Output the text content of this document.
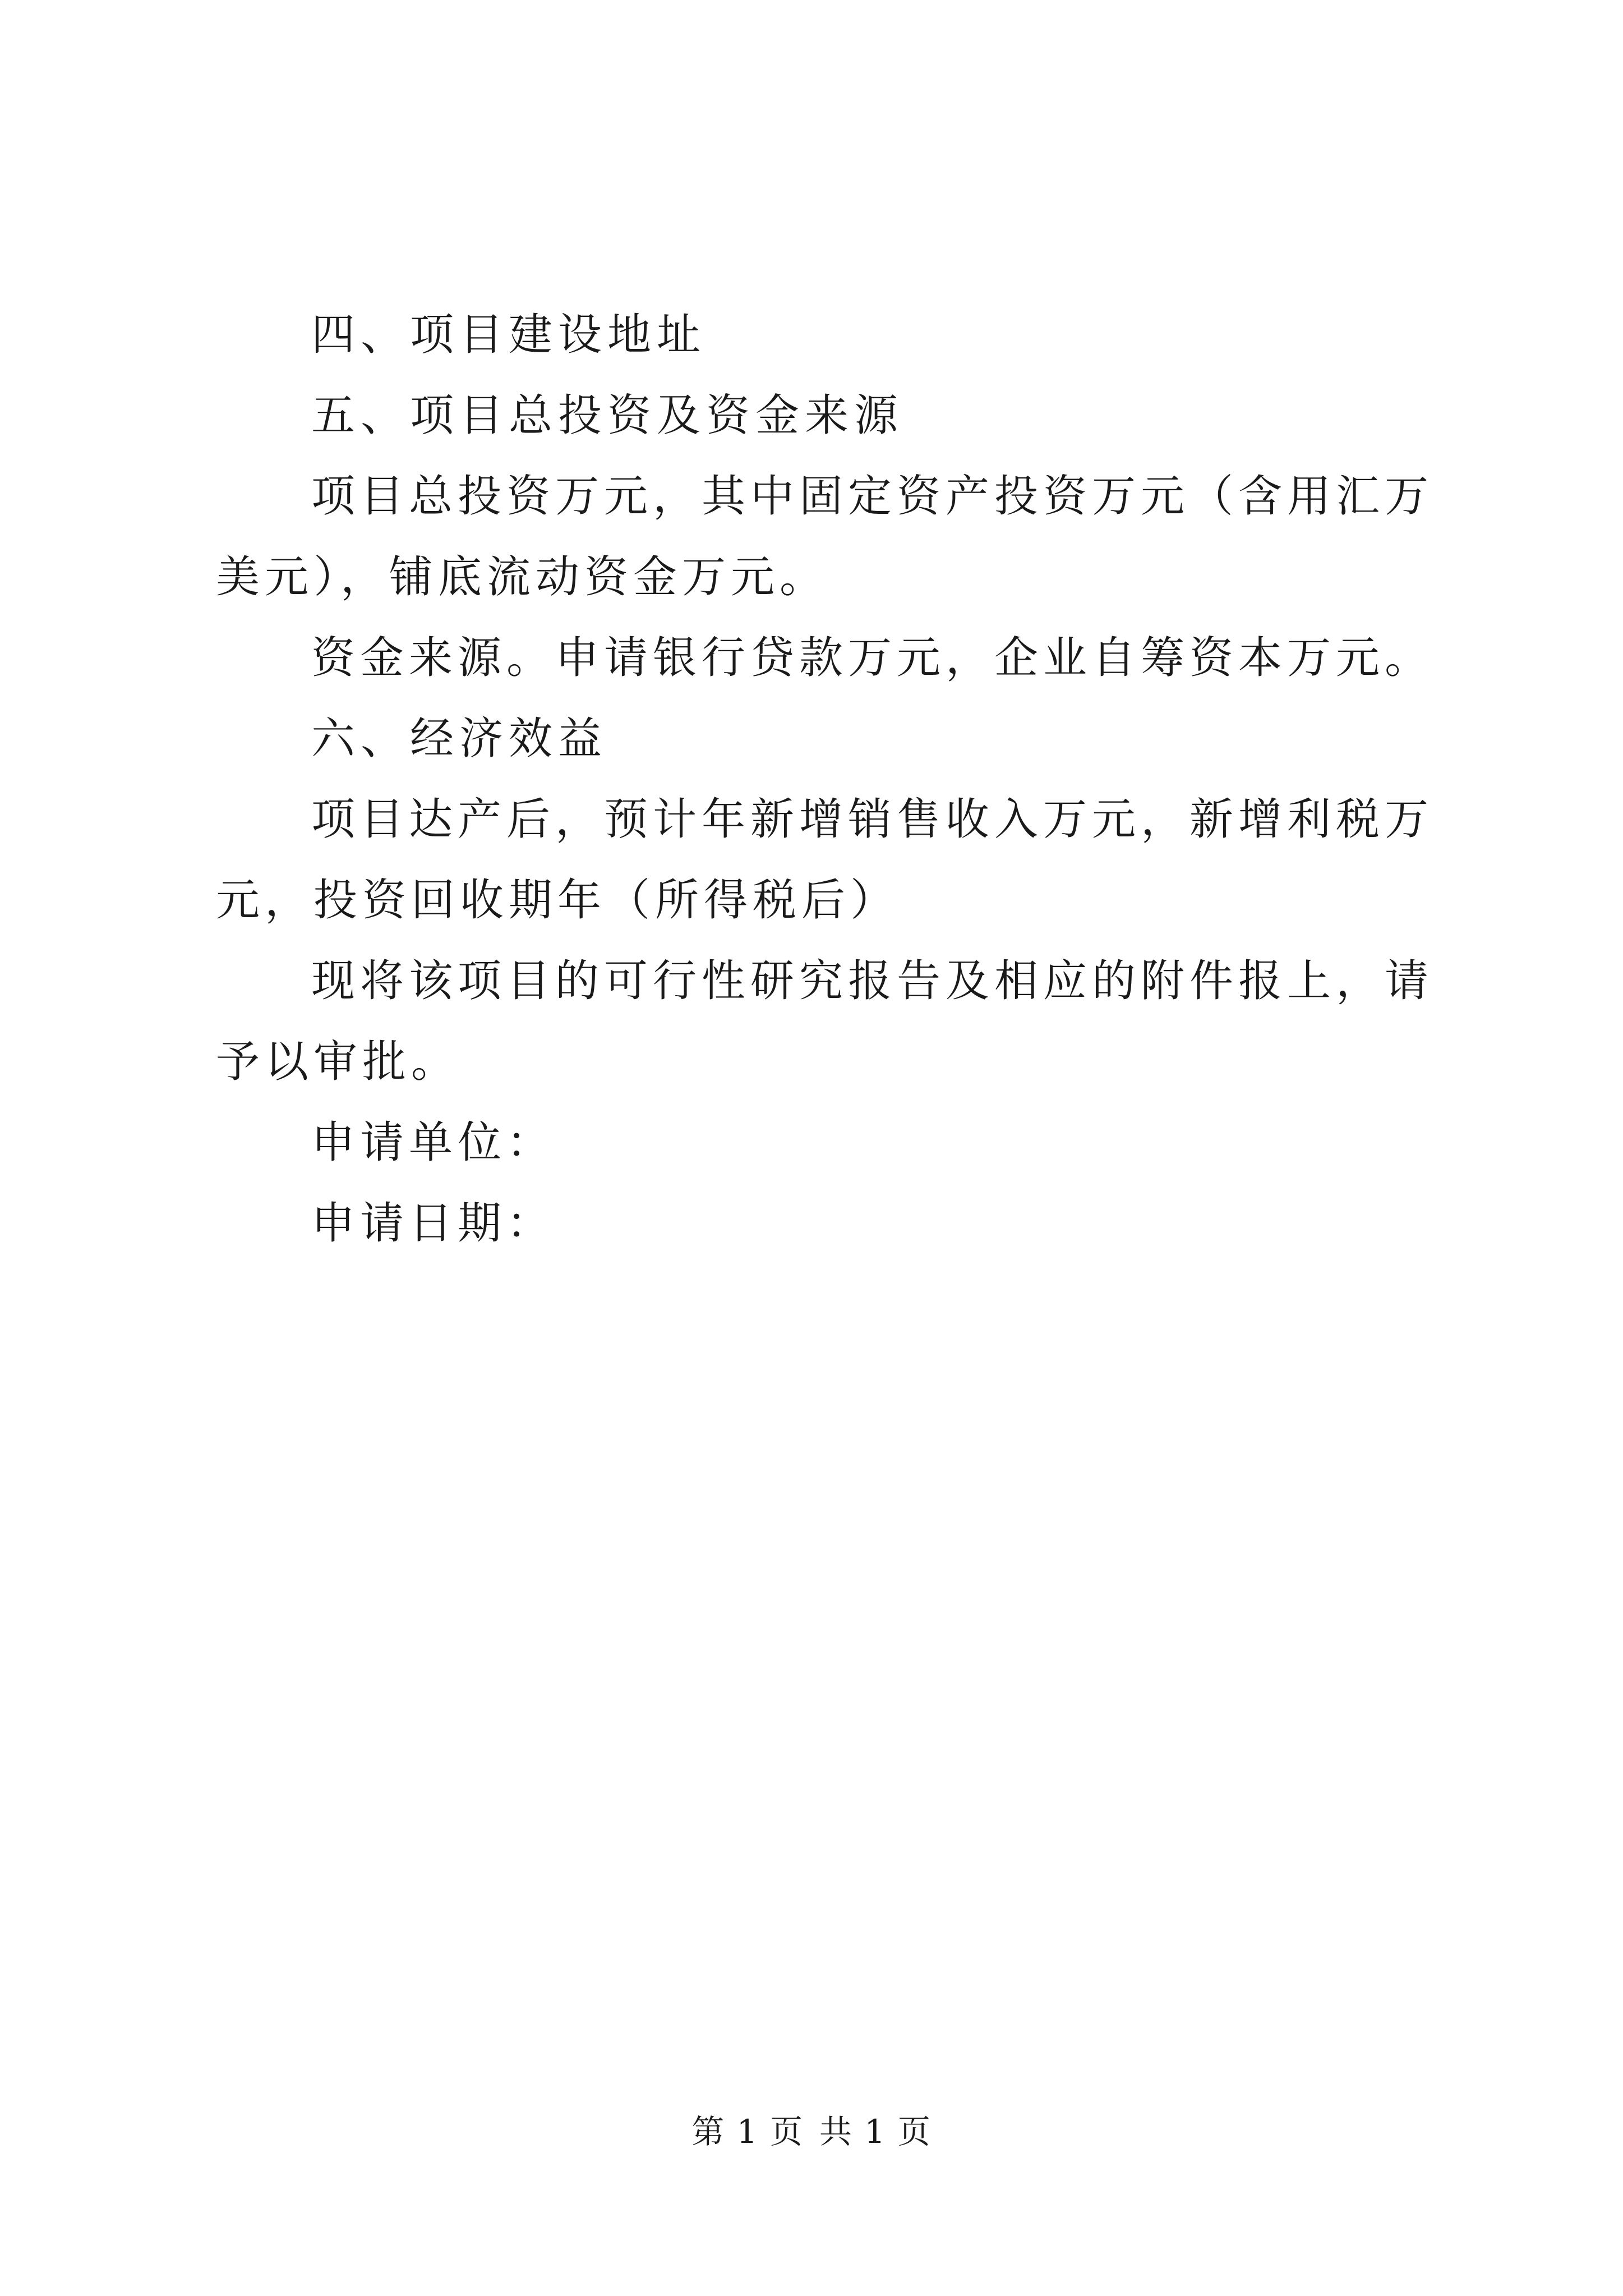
四、项目建设地址

五、项目总投资及资金来源

项目总投资万元，其中固定资产投资万元（含用汇万美元），铺底流动资金万元。

资金来源。申请银行贷款万元，企业自筹资本万元。

六、经济效益

项目达产后，预计年新增销售收入万元，新增利税万元，投资回收期年（所得税后）

现将该项目的可行性研究报告及相应的附件报上，请予以审批。

申请单位：

申请日期：

第 1 页 共 1 页
